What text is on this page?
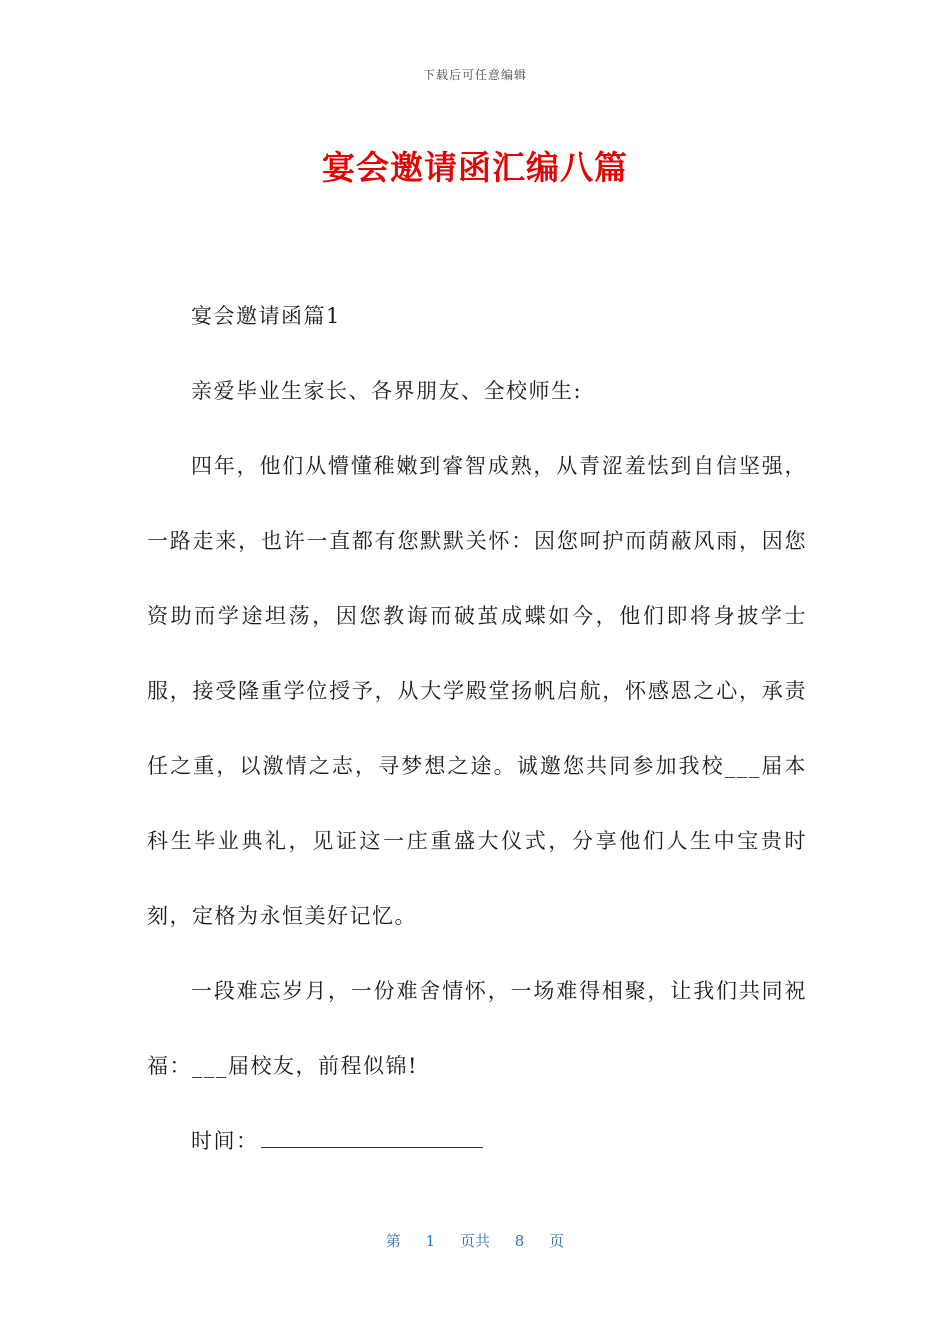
下载后可任意编辑
宴会邀请函汇编八篇

宴会邀请函篇1

亲爱毕业生家长、各界朋友、全校师生:

四年，他们从懵懂稚嫩到睿智成熟，从青涩羞怯到自信坚强，一路走来，也许一直都有您默默关怀：因您呵护而荫蔽风雨，因您资助而学途坦荡，因您教诲而破茧成蝶如今，他们即将身披学士服，接受隆重学位授予，从大学殿堂扬帆启航，怀感恩之心，承责任之重，以激情之志，寻梦想之途。诚邀您共同参加我校___届本科生毕业典礼，见证这一庄重盛大仪式，分享他们人生中宝贵时刻，定格为永恒美好记忆。

一段难忘岁月，一份难舍情怀，一场难得相聚，让我们共同祝福：___届校友，前程似锦!

时间：

第 1 页共 8 页
